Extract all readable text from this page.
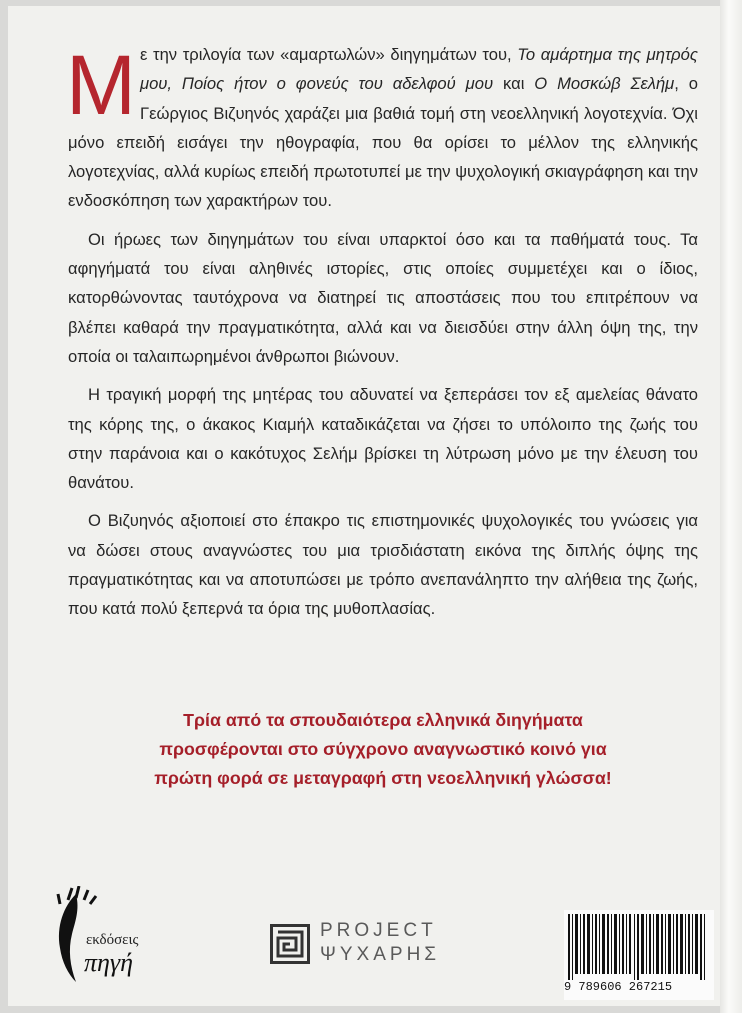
Με την τριλογία των «αμαρτωλών» διηγημάτων του, Το αμάρτημα της μητρός μου, Ποίος ήτον ο φονεύς του αδελφού μου και Ο Μοσκώβ Σελήμ, ο Γεώργιος Βιζυηνός χαράζει μια βαθιά τομή στη νεοελληνική λογοτεχνία. Όχι μόνο επειδή εισάγει την ηθογραφία, που θα ορίσει το μέλλον της ελληνικής λογοτεχνίας, αλλά κυρίως επειδή πρωτοτυπεί με την ψυχολογική σκιαγράφηση και την ενδοσκόπηση των χαρακτήρων του.

Οι ήρωες των διηγημάτων του είναι υπαρκτοί όσο και τα παθήματά τους. Τα αφηγήματά του είναι αληθινές ιστορίες, στις οποίες συμμετέχει και ο ίδιος, κατορθώνοντας ταυτόχρονα να διατηρεί τις αποστάσεις που του επιτρέπουν να βλέπει καθαρά την πραγματικότητα, αλλά και να διεισδύει στην άλλη όψη της, την οποία οι ταλαιπωρημένοι άνθρωποι βιώνουν.

Η τραγική μορφή της μητέρας του αδυνατεί να ξεπεράσει τον εξ αμελείας θάνατο της κόρης της, ο άκακος Κιαμήλ καταδικάζεται να ζήσει το υπόλοιπο της ζωής του στην παράνοια και ο κακότυχος Σελήμ βρίσκει τη λύτρωση μόνο με την έλευση του θανάτου.

Ο Βιζυηνός αξιοποιεί στο έπακρο τις επιστημονικές ψυχολογικές του γνώσεις για να δώσει στους αναγνώστες του μια τρισδιάστατη εικόνα της διπλής όψης της πραγματικότητας και να αποτυπώσει με τρόπο ανεπανάληπτο την αλήθεια της ζωής, που κατά πολύ ξεπερνά τα όρια της μυθοπλασίας.

Τρία από τα σπουδαιότερα ελληνικά διηγήματα
προσφέρονται στο σύγχρονο αναγνωστικό κοινό για
πρώτη φορά σε μεταγραφή στη νεοελληνική γλώσσα!
εκδόσεις
πηγή
PROJECT
ΨΥΧΑΡΗΣ
9 789606 267215
